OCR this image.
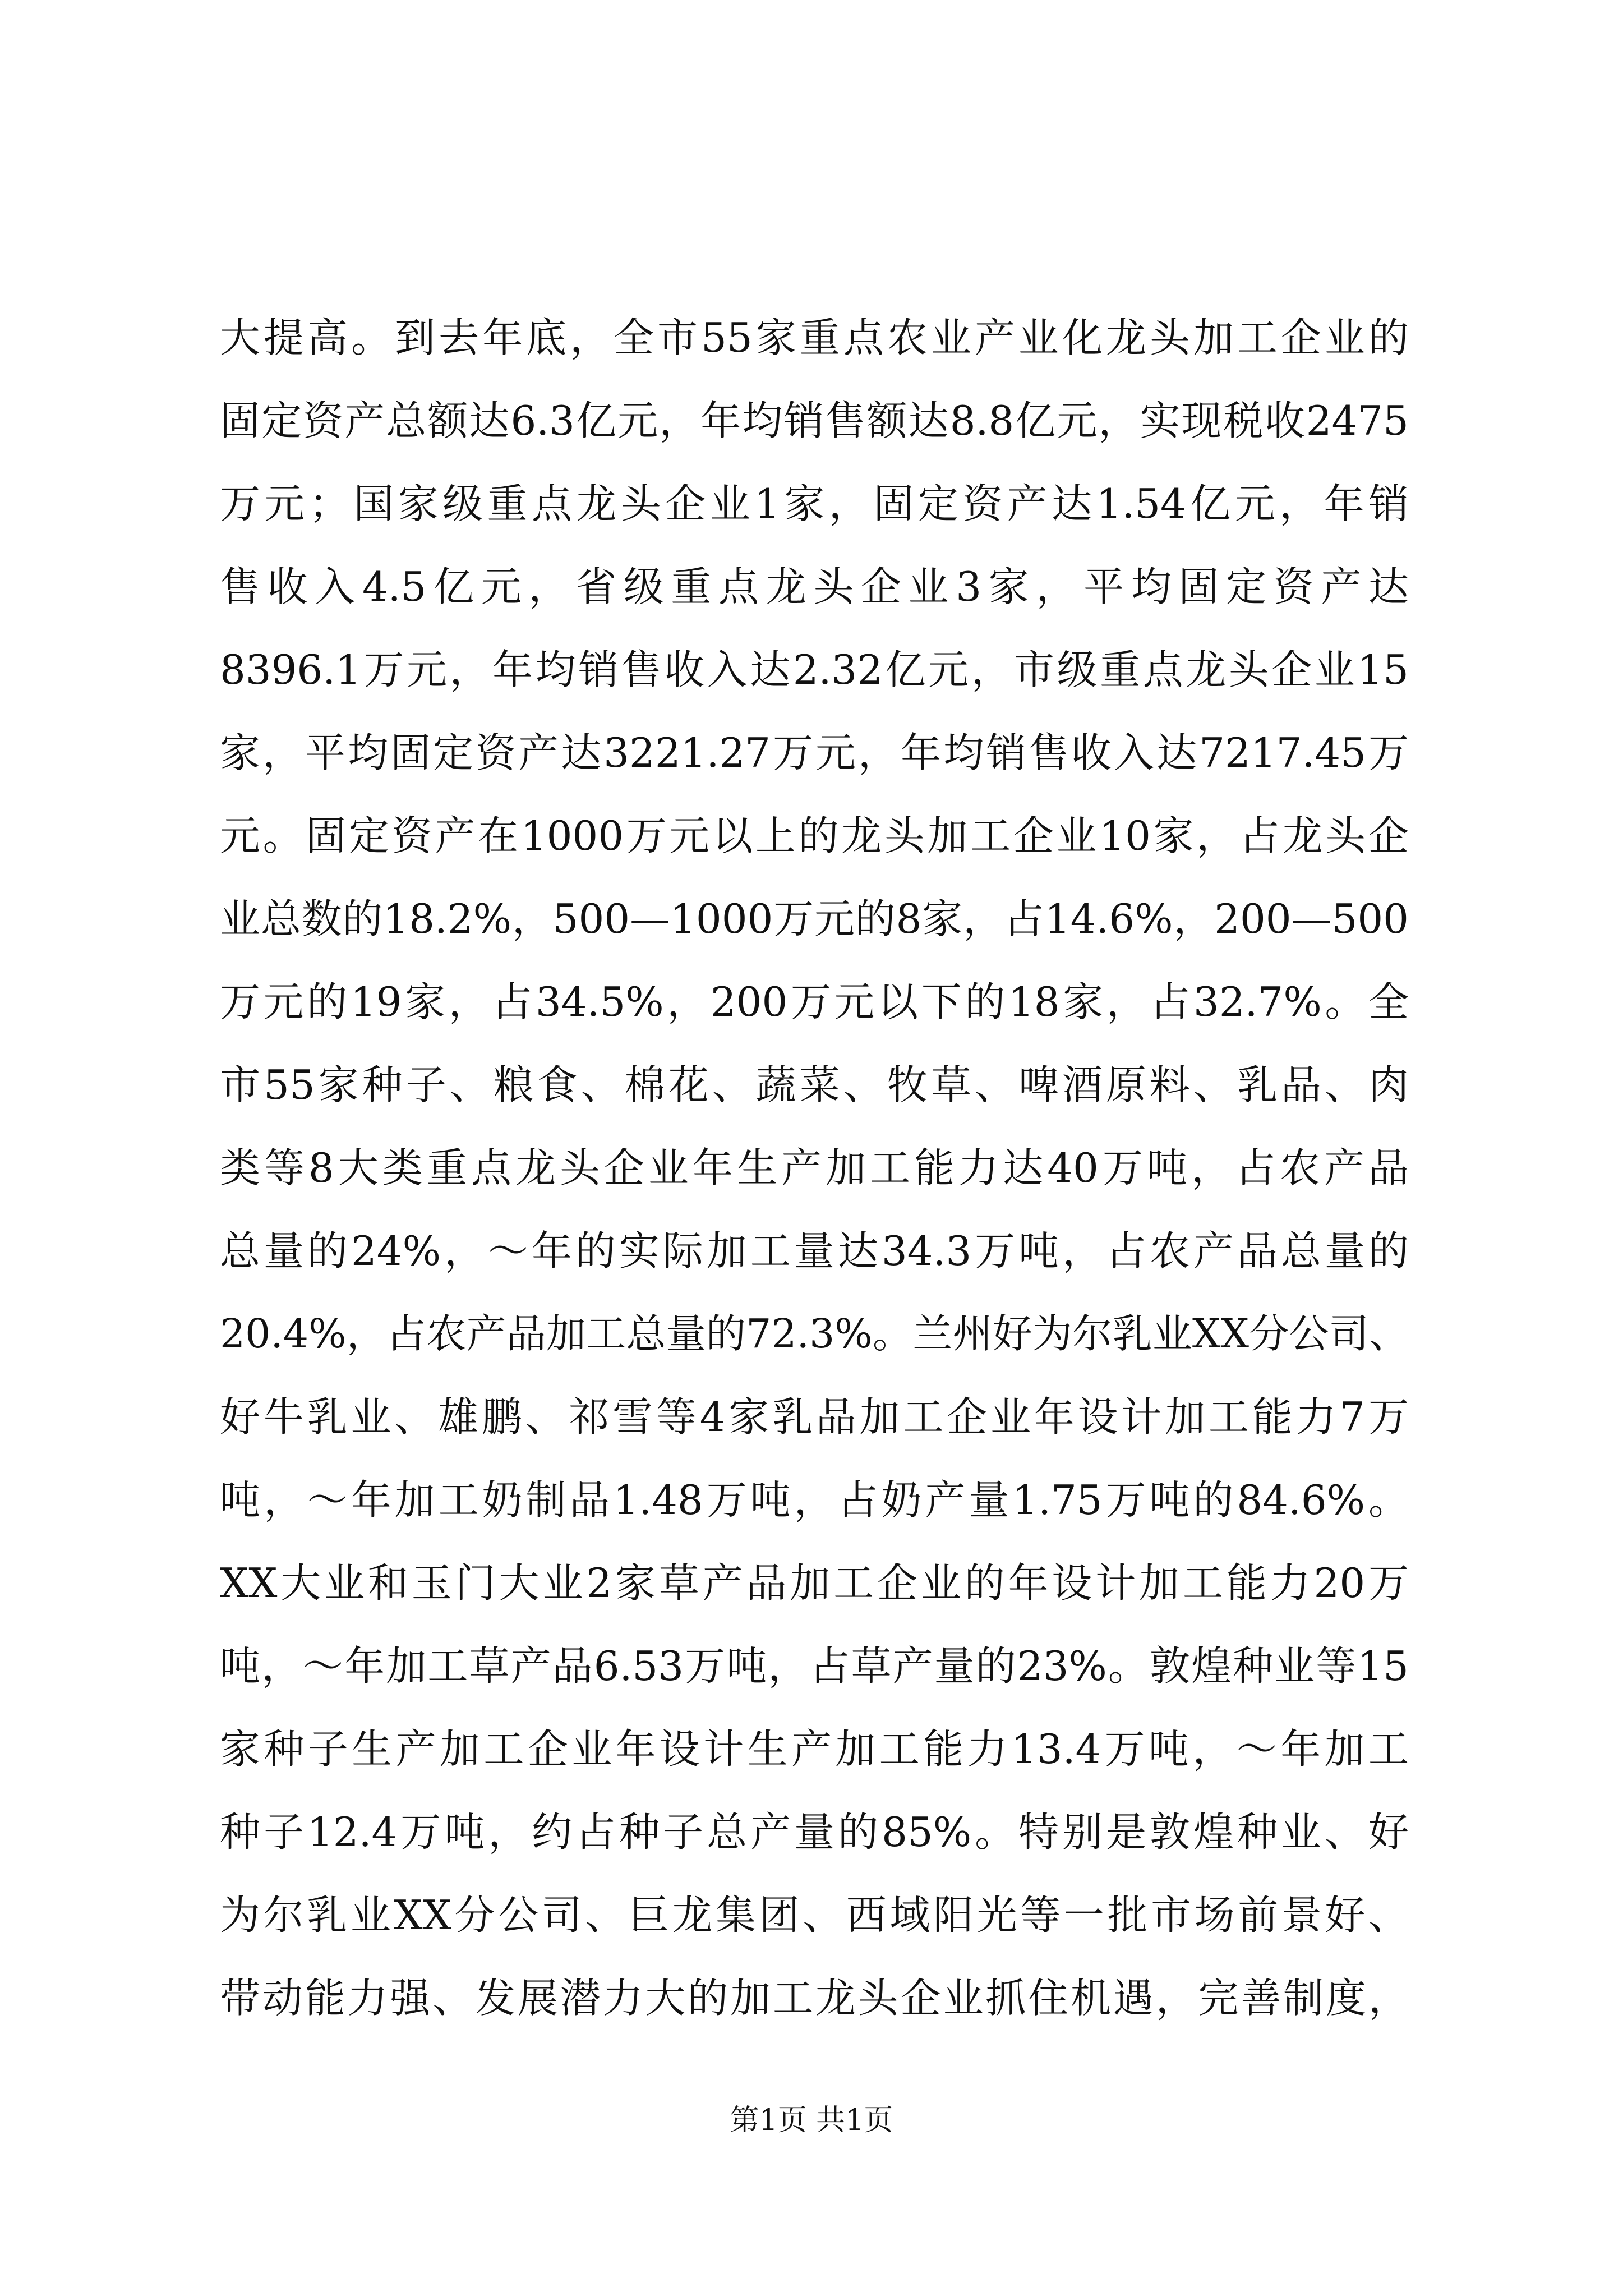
大提高。到去年底，全市55家重点农业产业化龙头加工企业的
固定资产总额达6.3亿元，年均销售额达8.8亿元，实现税收2475
万元；国家级重点龙头企业1家，固定资产达1.54亿元，年销
售收入4.5亿元，省级重点龙头企业3家，平均固定资产达
8396.1万元，年均销售收入达2.32亿元，市级重点龙头企业15
家，平均固定资产达3221.27万元，年均销售收入达7217.45万
元。固定资产在1000万元以上的龙头加工企业10家，占龙头企
业总数的18.2%，500—1000万元的8家，占14.6%，200—500
万元的19家，占34.5%，200万元以下的18家，占32.7%。全
市55家种子、粮食、棉花、蔬菜、牧草、啤酒原料、乳品、肉
类等8大类重点龙头企业年生产加工能力达40万吨，占农产品
总量的24%，～年的实际加工量达34.3万吨，占农产品总量的
20.4%，占农产品加工总量的72.3%。兰州好为尔乳业XX分公司、
好牛乳业、雄鹏、祁雪等4家乳品加工企业年设计加工能力7万
吨，～年加工奶制品1.48万吨，占奶产量1.75万吨的84.6%。
XX大业和玉门大业2家草产品加工企业的年设计加工能力20万
吨，～年加工草产品6.53万吨，占草产量的23%。敦煌种业等15
家种子生产加工企业年设计生产加工能力13.4万吨，～年加工
种子12.4万吨，约占种子总产量的85%。特别是敦煌种业、好
为尔乳业XX分公司、巨龙集团、西域阳光等一批市场前景好、
带动能力强、发展潜力大的加工龙头企业抓住机遇，完善制度，
第1页 共1页
